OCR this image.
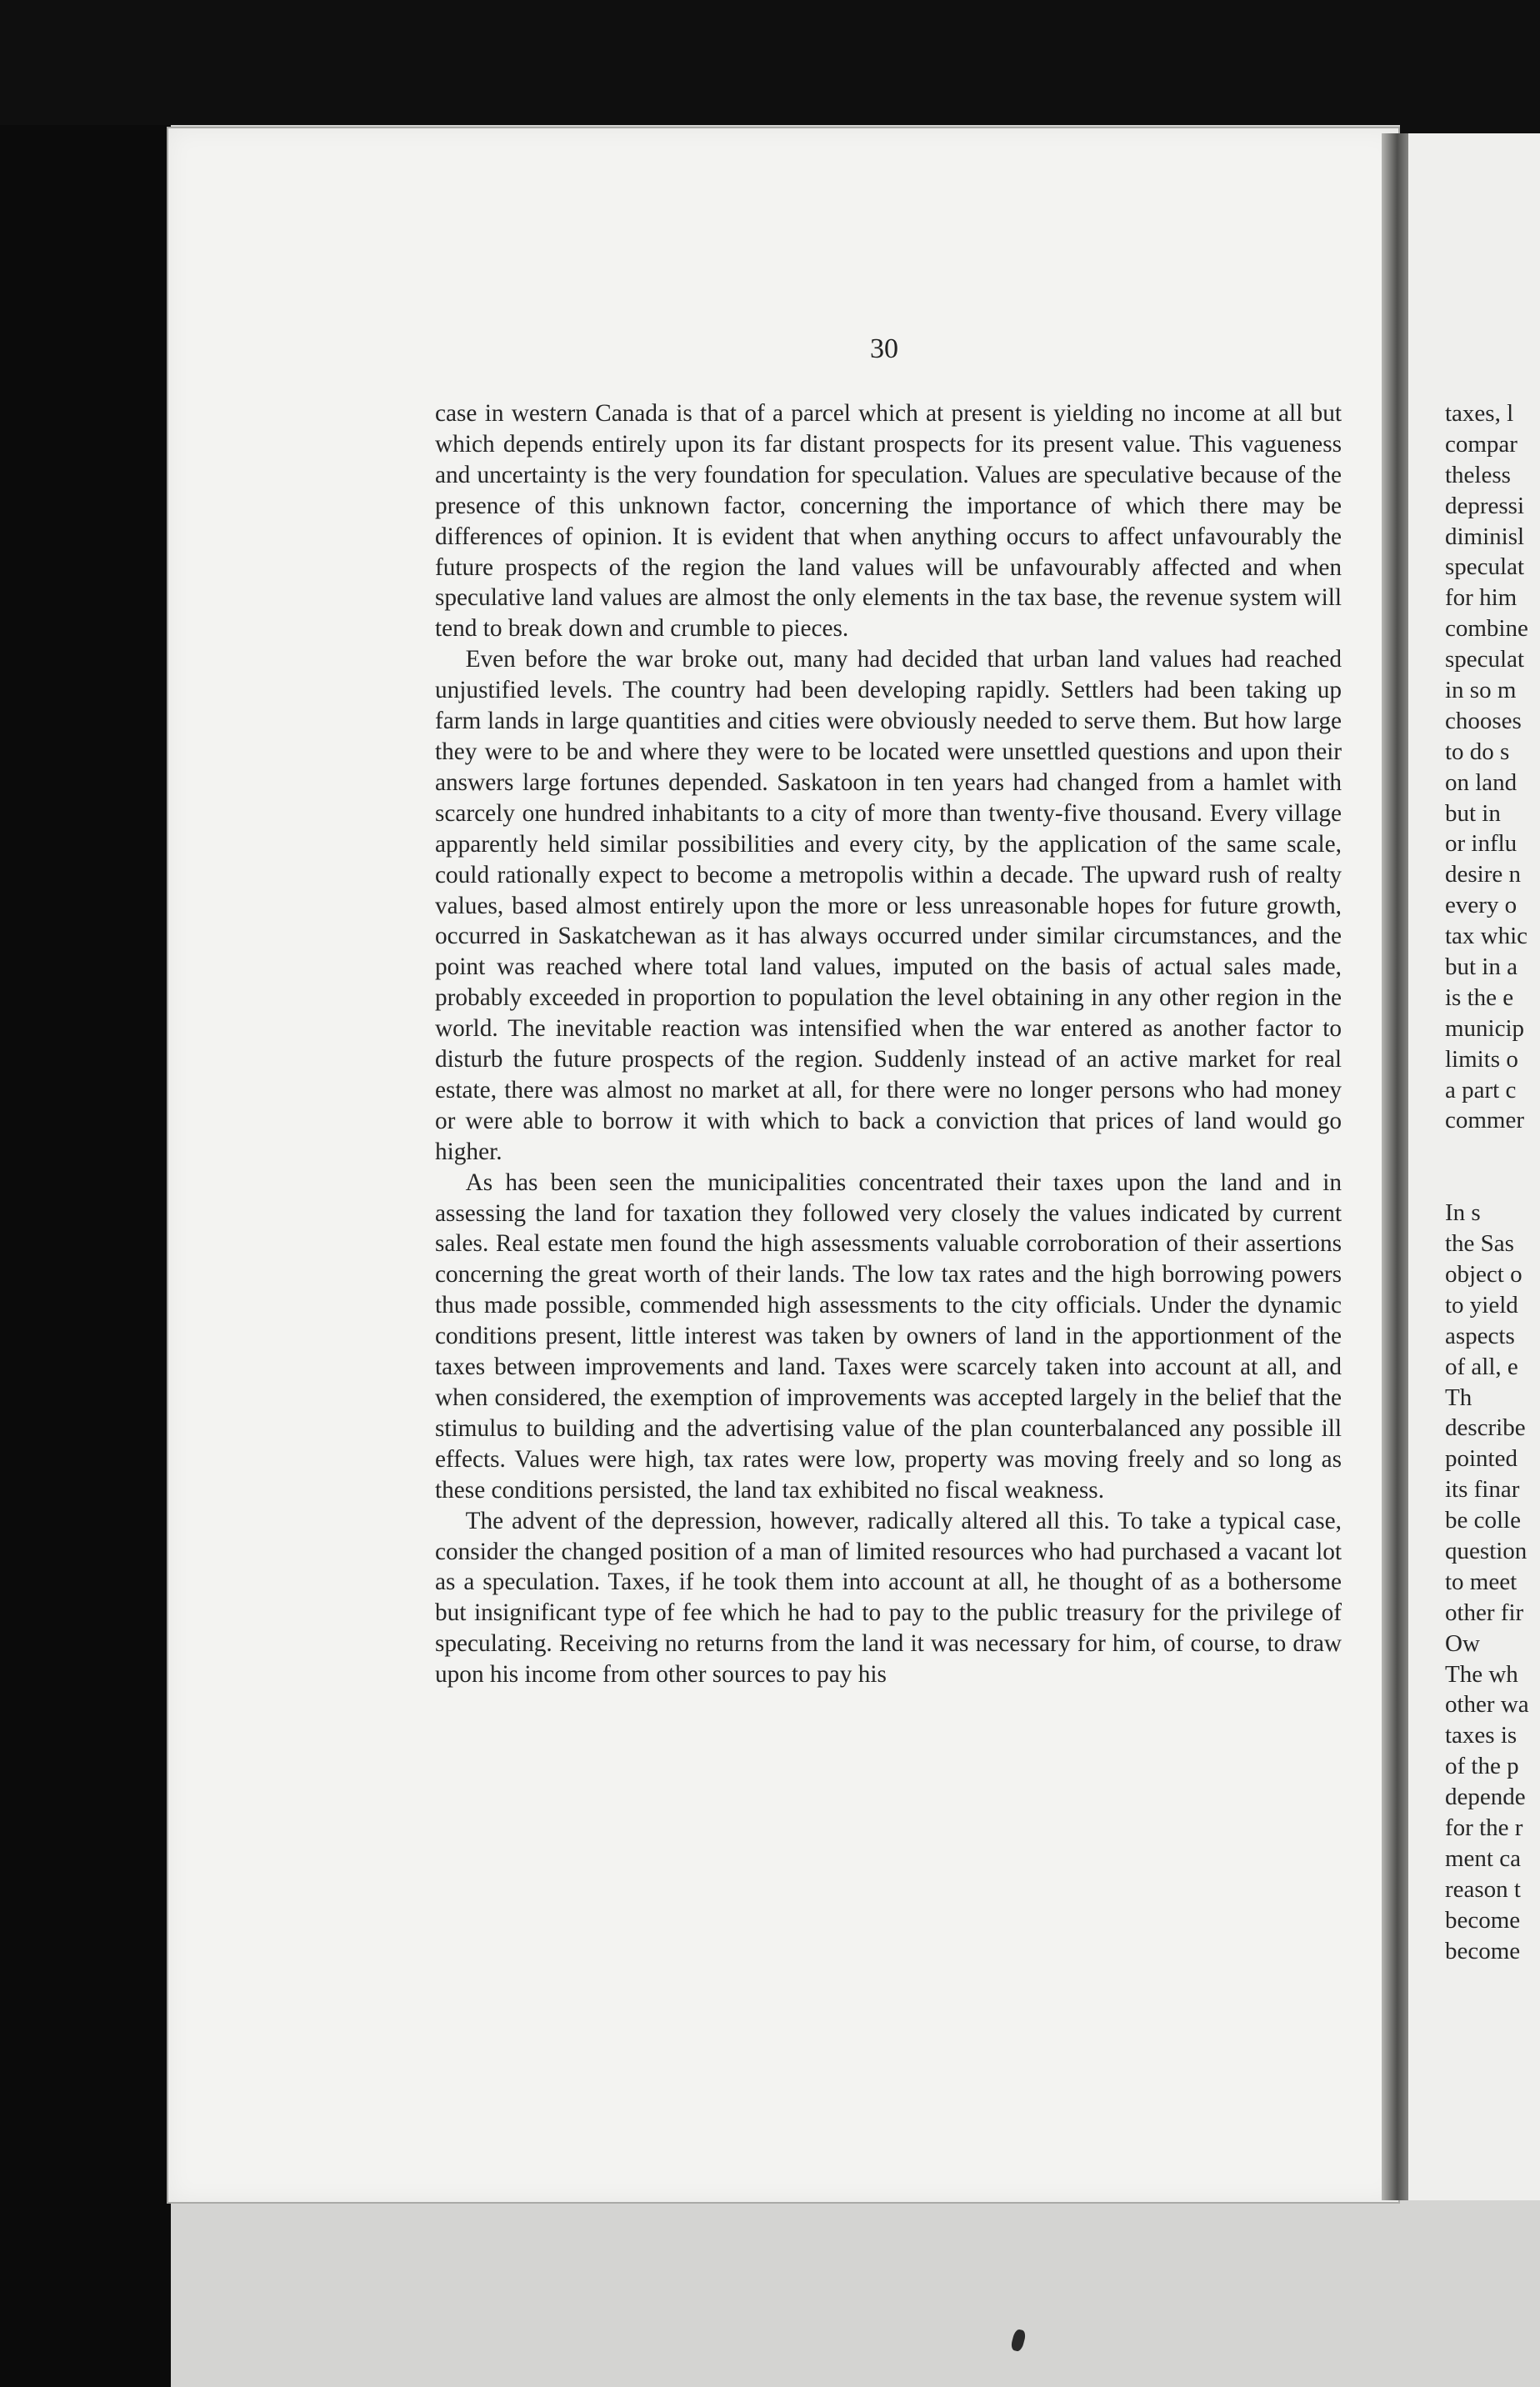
30

case in western Canada is that of a parcel which at present is yielding no income at all but which depends entirely upon its far distant prospects for its present value. This vagueness and uncertainty is the very foundation for speculation. Values are speculative because of the presence of this unknown factor, concerning the importance of which there may be differences of opinion. It is evident that when anything occurs to affect unfavourably the future prospects of the region the land values will be unfavourably affected and when speculative land values are almost the only elements in the tax base, the revenue system will tend to break down and crumble to pieces.

Even before the war broke out, many had decided that urban land values had reached unjustified levels. The country had been developing rapidly. Settlers had been taking up farm lands in large quantities and cities were obviously needed to serve them. But how large they were to be and where they were to be located were unsettled questions and upon their answers large fortunes depended. Saskatoon in ten years had changed from a hamlet with scarcely one hundred inhabitants to a city of more than twenty-five thousand. Every village apparently held similar possibilities and every city, by the application of the same scale, could rationally expect to become a metropolis within a decade. The upward rush of realty values, based almost entirely upon the more or less unreasonable hopes for future growth, occurred in Saskatchewan as it has always occurred under similar circumstances, and the point was reached where total land values, imputed on the basis of actual sales made, probably exceeded in proportion to population the level obtaining in any other region in the world. The inevitable reaction was intensified when the war entered as another factor to disturb the future prospects of the region. Suddenly instead of an active market for real estate, there was almost no market at all, for there were no longer persons who had money or were able to borrow it with which to back a conviction that prices of land would go higher.

As has been seen the municipalities concentrated their taxes upon the land and in assessing the land for taxation they followed very closely the values indicated by current sales. Real estate men found the high assessments valuable corroboration of their assertions concerning the great worth of their lands. The low tax rates and the high borrowing powers thus made possible, commended high assessments to the city officials. Under the dynamic conditions present, little interest was taken by owners of land in the apportionment of the taxes between improvements and land. Taxes were scarcely taken into account at all, and when considered, the exemption of improvements was accepted largely in the belief that the stimulus to building and the advertising value of the plan counterbalanced any possible ill effects. Values were high, tax rates were low, property was moving freely and so long as these conditions persisted, the land tax exhibited no fiscal weakness.

The advent of the depression, however, radically altered all this. To take a typical case, consider the changed position of a man of limited resources who had purchased a vacant lot as a speculation. Taxes, if he took them into account at all, he thought of as a bothersome but insignificant type of fee which he had to pay to the public treasury for the privilege of speculating. Receiving no returns from the land it was necessary for him, of course, to draw upon his income from other sources to pay his

taxes, l
compar
theless
depressi
diminisl
speculat
for him
combine
speculat
in so m
chooses
to do s
on land
but in
or influ
desire n
every o
tax whic
but in a
is the e
municip
limits o
a part c
commer
In s
the Sas
object o
to yield
aspects
of all, e
Th
describe
pointed
its finar
be colle
question
to meet
other fir
Ow
The wh
other wa
taxes is
of the p
depende
for the r
ment ca
reason t
become
become
